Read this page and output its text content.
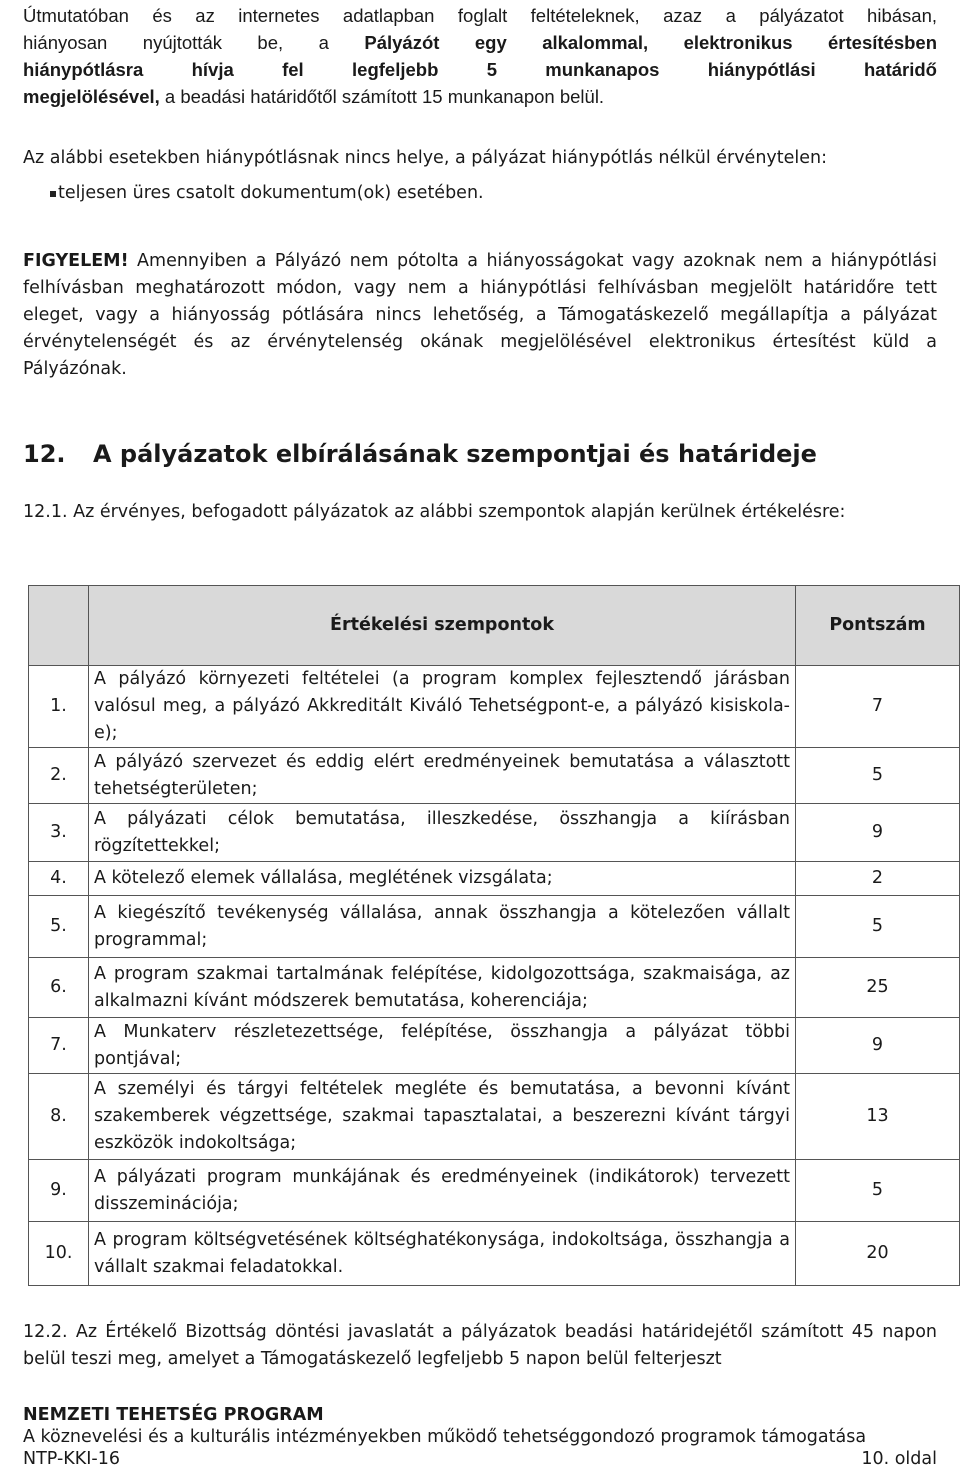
Útmutatóban és az internetes adatlapban foglalt feltételeknek, azaz a pályázatot hibásan,
hiányosan nyújtották be, a Pályázót egy alkalommal, elektronikus értesítésben
hiánypótlásra hívja fel legfeljebb 5 munkanapos hiánypótlási határidő
megjelölésével, a beadási határidőtől számított 15 munkanapon belül.

Az alábbi esetekben hiánypótlásnak nincs helye, a pályázat hiánypótlás nélkül érvénytelen:

teljesen üres csatolt dokumentum(ok) esetében.

FIGYELEM! Amennyiben a Pályázó nem pótolta a hiányosságokat vagy azoknak nem a hiánypótlási felhívásban meghatározott módon, vagy nem a hiánypótlási felhívásban megjelölt határidőre tett eleget, vagy a hiányosság pótlására nincs lehetőség, a Támogatáskezelő megállapítja a pályázat érvénytelenségét és az érvénytelenség okának megjelölésével elektronikus értesítést küld a Pályázónak.

12. A pályázatok elbírálásának szempontjai és határideje

12.1. Az érvényes, befogadott pályázatok az alábbi szempontok alapján kerülnek értékelésre:

	Értékelési szempontok	Pontszám
1.	A pályázó környezeti feltételei (a program komplex fejlesztendő járásban valósul meg, a pályázó Akkreditált Kiváló Tehetségpont-e, a pályázó kisiskola-e);	7
2.	A pályázó szervezet és eddig elért eredményeinek bemutatása a választott tehetségterületen;	5
3.	A pályázati célok bemutatása, illeszkedése, összhangja a kiírásban rögzítettekkel;	9
4.	A kötelező elemek vállalása, meglétének vizsgálata;	2
5.	A kiegészítő tevékenység vállalása, annak összhangja a kötelezően vállalt programmal;	5
6.	A program szakmai tartalmának felépítése, kidolgozottsága, szakmaisága, az alkalmazni kívánt módszerek bemutatása, koherenciája;	25
7.	A Munkaterv részletezettsége, felépítése, összhangja a pályázat többi pontjával;	9
8.	A személyi és tárgyi feltételek megléte és bemutatása, a bevonni kívánt szakemberek végzettsége, szakmai tapasztalatai, a beszerezni kívánt tárgyi eszközök indokoltsága;	13
9.	A pályázati program munkájának és eredményeinek (indikátorok) tervezett disszeminációja;	5
10.	A program költségvetésének költséghatékonysága, indokoltsága, összhangja a vállalt szakmai feladatokkal.	20

12.2. Az Értékelő Bizottság döntési javaslatát a pályázatok beadási határidejétől számított 45 napon belül teszi meg, amelyet a Támogatáskezelő legfeljebb 5 napon belül felterjeszt

NEMZETI TEHETSÉG PROGRAM
A köznevelési és a kulturális intézményekben működő tehetséggondozó programok támogatása
NTP-KKI-16	10. oldal
